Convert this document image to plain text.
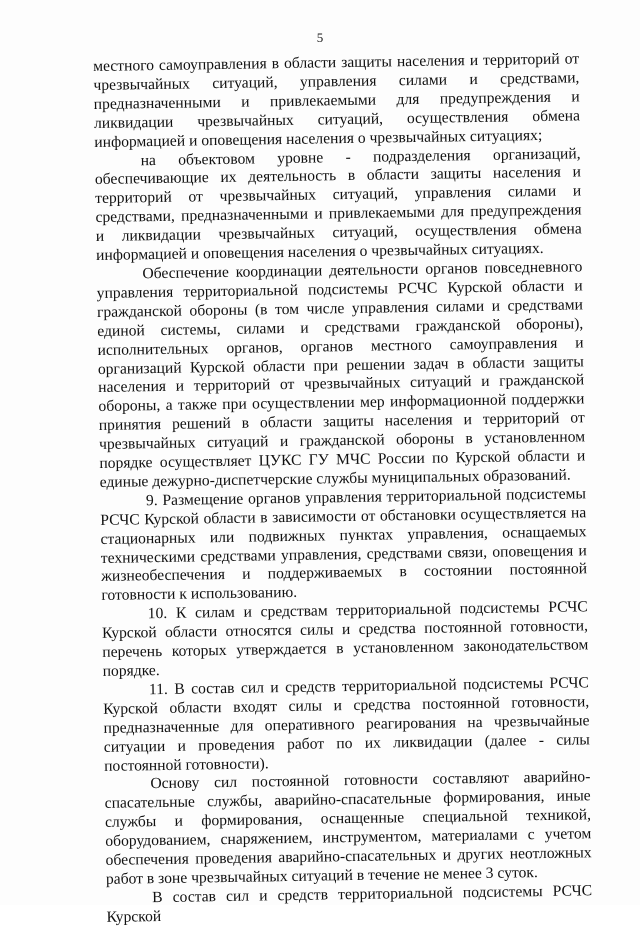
5

местного самоуправления в области защиты населения и территорий от чрезвычайных ситуаций, управления силами и средствами, предназначенными и привлекаемыми для предупреждения и ликвидации чрезвычайных ситуаций, осуществления обмена информацией и оповещения населения о чрезвычайных ситуациях;

на объектовом уровне - подразделения организаций, обеспечивающие их деятельность в области защиты населения и территорий от чрезвычайных ситуаций, управления силами и средствами, предназначенными и привлекаемыми для предупреждения и ликвидации чрезвычайных ситуаций, осуществления обмена информацией и оповещения населения о чрезвычайных ситуациях.

Обеспечение координации деятельности органов повседневного управления территориальной подсистемы РСЧС Курской области и гражданской обороны (в том числе управления силами и средствами единой системы, силами и средствами гражданской обороны), исполнительных органов, органов местного самоуправления и организаций Курской области при решении задач в области защиты населения и территорий от чрезвычайных ситуаций и гражданской обороны, а также при осуществлении мер информационной поддержки принятия решений в области защиты населения и территорий от чрезвычайных ситуаций и гражданской обороны в установленном порядке осуществляет ЦУКС ГУ МЧС России по Курской области и единые дежурно-диспетчерские службы муниципальных образований.

9. Размещение органов управления территориальной подсистемы РСЧС Курской области в зависимости от обстановки осуществляется на стационарных или подвижных пунктах управления, оснащаемых техническими средствами управления, средствами связи, оповещения и жизнеобеспечения и поддерживаемых в состоянии постоянной готовности к использованию.

10. К силам и средствам территориальной подсистемы РСЧС Курской области относятся силы и средства постоянной готовности, перечень которых утверждается в установленном законодательством порядке.

11. В состав сил и средств территориальной подсистемы РСЧС Курской области входят силы и средства постоянной готовности, предназначенные для оперативного реагирования на чрезвычайные ситуации и проведения работ по их ликвидации (далее - силы постоянной готовности).

Основу сил постоянной готовности составляют аварийно-спасательные службы, аварийно-спасательные формирования, иные службы и формирования, оснащенные специальной техникой, оборудованием, снаряжением, инструментом, материалами с учетом обеспечения проведения аварийно-спасательных и других неотложных работ в зоне чрезвычайных ситуаций в течение не менее 3 суток.

В состав сил и средств территориальной подсистемы РСЧС Курской
